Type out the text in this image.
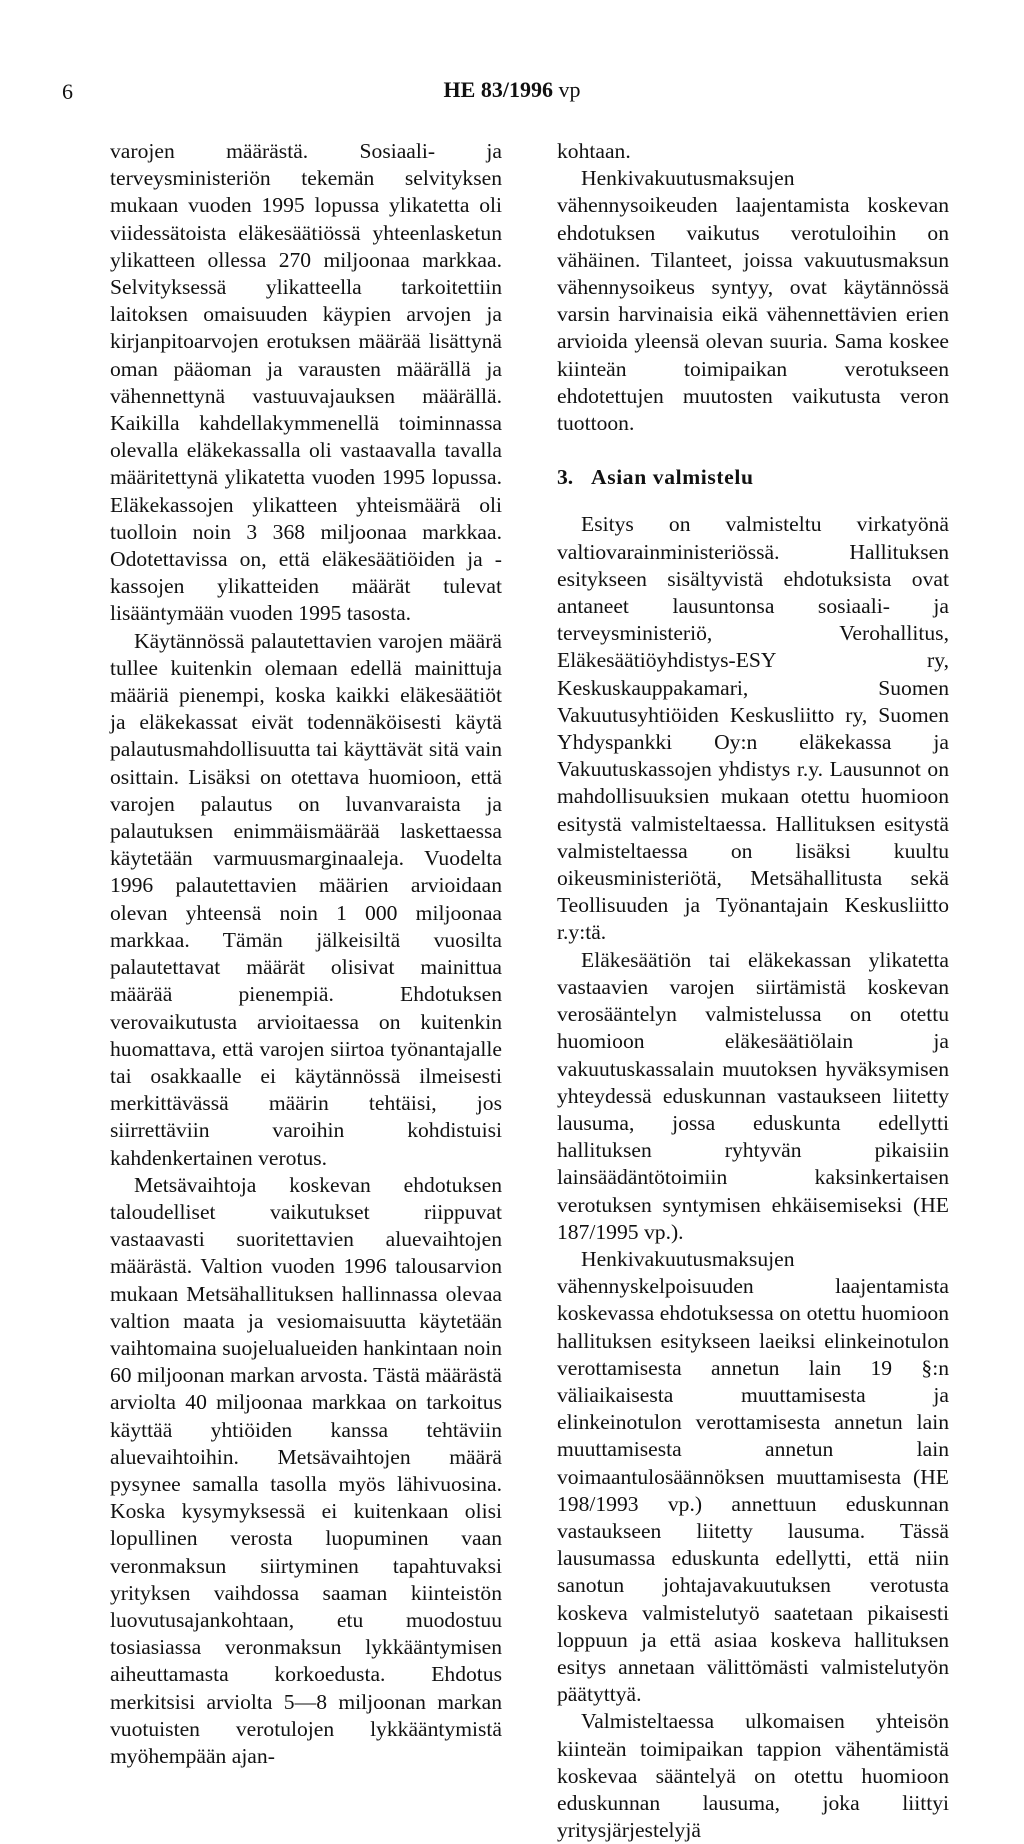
6	HE 83/1996 vp

varojen määrästä. Sosiaali- ja terveysministeriön tekemän selvityksen mukaan vuoden 1995 lopussa ylikatetta oli viidessätoista eläkesäätiössä yhteenlasketun ylikatteen ollessa 270 miljoonaa markkaa. Selvityksessä ylikatteella tarkoitettiin laitoksen omaisuuden käypien arvojen ja kirjanpitoarvojen erotuksen määrää lisättynä oman pääoman ja varausten määrällä ja vähennettynä vastuuvajauksen määrällä. Kaikilla kahdellakymmenellä toiminnassa olevalla eläkekassalla oli vastaavalla tavalla määritettynä ylikatetta vuoden 1995 lopussa. Eläkekassojen ylikatteen yhteismäärä oli tuolloin noin 3 368 miljoonaa markkaa. Odotettavissa on, että eläkesäätiöiden ja -kassojen ylikatteiden määrät tulevat lisääntymään vuoden 1995 tasosta.

Käytännössä palautettavien varojen määrä tullee kuitenkin olemaan edellä mainittuja määriä pienempi, koska kaikki eläkesäätiöt ja eläkekassat eivät todennäköisesti käytä palautusmahdollisuutta tai käyttävät sitä vain osittain. Lisäksi on otettava huomioon, että varojen palautus on luvanvaraista ja palautuksen enimmäismäärää laskettaessa käytetään varmuusmarginaaleja. Vuodelta 1996 palautettavien määrien arvioidaan olevan yhteensä noin 1 000 miljoonaa markkaa. Tämän jälkeisiltä vuosilta palautettavat määrät olisivat mainittua määrää pienempiä. Ehdotuksen verovaikutusta arvioitaessa on kuitenkin huomattava, että varojen siirtoa työnantajalle tai osakkaalle ei käytännössä ilmeisesti merkittävässä määrin tehtäisi, jos siirrettäviin varoihin kohdistuisi kahdenkertainen verotus.

Metsävaihtoja koskevan ehdotuksen taloudelliset vaikutukset riippuvat vastaavasti suoritettavien aluevaihtojen määrästä. Valtion vuoden 1996 talousarvion mukaan Metsähallituksen hallinnassa olevaa valtion maata ja vesiomaisuutta käytetään vaihtomaina suojelualueiden hankintaan noin 60 miljoonan markan arvosta. Tästä määrästä arviolta 40 miljoonaa markkaa on tarkoitus käyttää yhtiöiden kanssa tehtäviin aluevaihtoihin. Metsävaihtojen määrä pysynee samalla tasolla myös lähivuosina. Koska kysymyksessä ei kuitenkaan olisi lopullinen verosta luopuminen vaan veronmaksun siirtyminen tapahtuvaksi yrityksen vaihdossa saaman kiinteistön luovutusajankohtaan, etu muodostuu tosiasiassa veronmaksun lykkääntymisen aiheuttamasta korkoedusta. Ehdotus merkitsisi arviolta 5—8 miljoonan markan vuotuisten verotulojen lykkääntymistä myöhempään ajan-

kohtaan.

Henkivakuutusmaksujen vähennysoikeuden laajentamista koskevan ehdotuksen vaikutus verotuloihin on vähäinen. Tilanteet, joissa vakuutusmaksun vähennysoikeus syntyy, ovat käytännössä varsin harvinaisia eikä vähennettävien erien arvioida yleensä olevan suuria. Sama koskee kiinteän toimipaikan verotukseen ehdotettujen muutosten vaikutusta veron tuottoon.

3. Asian valmistelu

Esitys on valmisteltu virkatyönä valtiovarainministeriössä. Hallituksen esitykseen sisältyvistä ehdotuksista ovat antaneet lausuntonsa sosiaali- ja terveysministeriö, Verohallitus, Eläkesäätiöyhdistys-ESY ry, Keskuskauppakamari, Suomen Vakuutusyhtiöiden Keskusliitto ry, Suomen Yhdyspankki Oy:n eläkekassa ja Vakuutuskassojen yhdistys r.y. Lausunnot on mahdollisuuksien mukaan otettu huomioon esitystä valmisteltaessa. Hallituksen esitystä valmisteltaessa on lisäksi kuultu oikeusministeriötä, Metsähallitusta sekä Teollisuuden ja Työnantajain Keskusliitto r.y:tä.

Eläkesäätiön tai eläkekassan ylikatetta vastaavien varojen siirtämistä koskevan verosääntelyn valmistelussa on otettu huomioon eläkesäätiölain ja vakuutuskassalain muutoksen hyväksymisen yhteydessä eduskunnan vastaukseen liitetty lausuma, jossa eduskunta edellytti hallituksen ryhtyvän pikaisiin lainsäädäntötoimiin kaksinkertaisen verotuksen syntymisen ehkäisemiseksi (HE 187/1995 vp.).

Henkivakuutusmaksujen vähennyskelpoisuuden laajentamista koskevassa ehdotuksessa on otettu huomioon hallituksen esitykseen laeiksi elinkeinotulon verottamisesta annetun lain 19 §:n väliaikaisesta muuttamisesta ja elinkeinotulon verottamisesta annetun lain muuttamisesta annetun lain voimaantulosäännöksen muuttamisesta (HE 198/1993 vp.) annettuun eduskunnan vastaukseen liitetty lausuma. Tässä lausumassa eduskunta edellytti, että niin sanotun johtajavakuutuksen verotusta koskeva valmistelutyö saatetaan pikaisesti loppuun ja että asiaa koskeva hallituksen esitys annetaan välittömästi valmistelutyön päätyttyä.

Valmisteltaessa ulkomaisen yhteisön kiinteän toimipaikan tappion vähentämistä koskevaa sääntelyä on otettu huomioon eduskunnan lausuma, joka liittyi yritysjärjestelyjä
